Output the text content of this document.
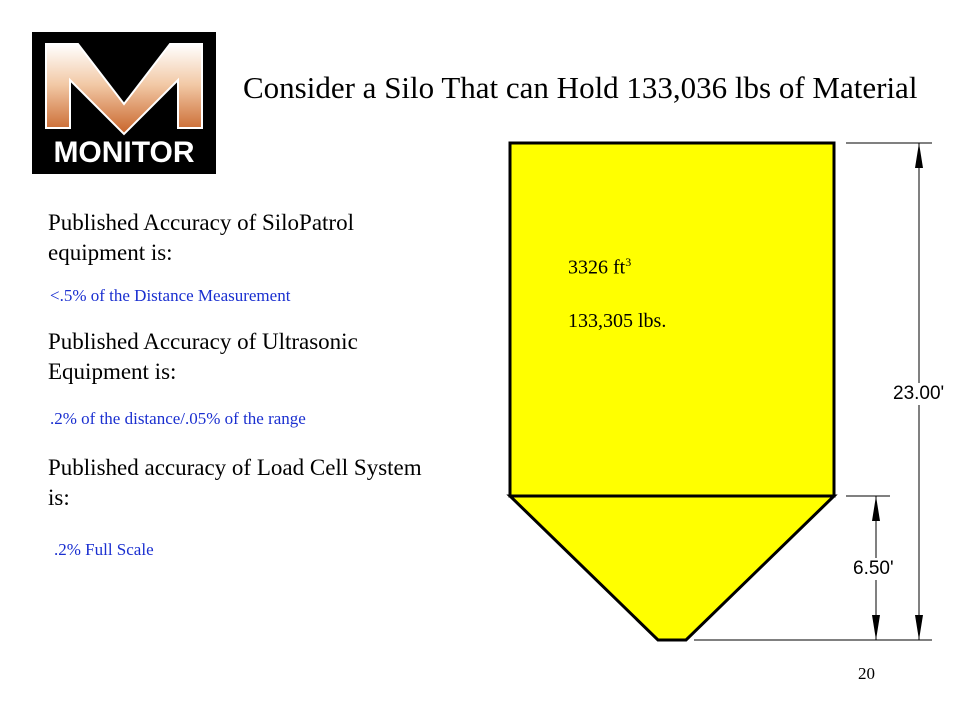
MONITOR
Consider a Silo That can Hold 133,036 lbs of Material
Published Accuracy of SiloPatrol equipment is:
<.5% of the Distance Measurement
Published Accuracy of Ultrasonic Equipment is:
.2% of the distance/.05% of the range
Published accuracy of Load Cell System is:
.2% Full Scale
3326 $ft^3$
133,305 lbs.
23.00'
6.50'
20
